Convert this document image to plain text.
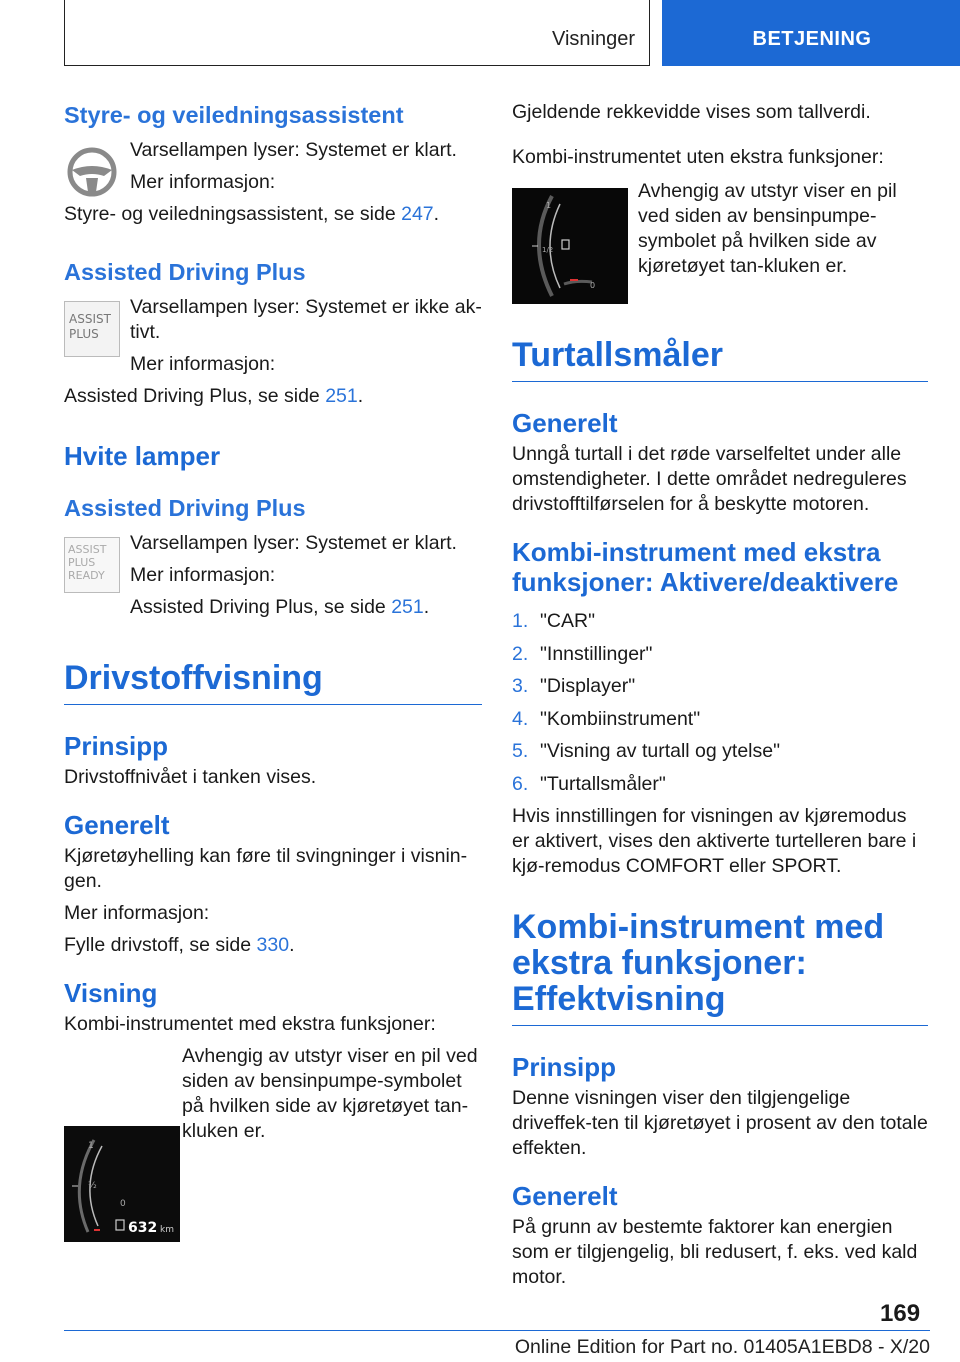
Visninger	BETJENING
Styre- og veiledningsassistent

Varsellampen lyser: Systemet er klart.

Mer informasjon:

Styre- og veiledningsassistent, se side 247.

Assisted Driving Plus
ASSIST
PLUS

Varsellampen lyser: Systemet er ikke ak-tivt.

Mer informasjon:

Assisted Driving Plus, se side 251.

Hvite lamper
Assisted Driving Plus
ASSIST
PLUS
READY

Varsellampen lyser: Systemet er klart.

Mer informasjon:

Assisted Driving Plus, se side 251.

Drivstoffvisning
Prinsipp

Drivstoffnivået i tanken vises.

Generelt

Kjøretøyhelling kan føre til svingninger i visnin-gen.

Mer informasjon:

Fylle drivstoff, se side 330.

Visning

Kombi-instrumentet med ekstra funksjoner:

Avhengig av utstyr viser en pil ved siden av bensinpumpe-symbolet på hvilken side av kjøretøyet tan-kluken er.

1
½
0
632 km

Gjeldende rekkevidde vises som tallverdi.

Kombi-instrumentet uten ekstra funksjoner:

Avhengig av utstyr viser en pil ved siden av bensinpumpe-symbolet på hvilken side av kjøretøyet tan-kluken er.

Turtallsmåler
Generelt

Unngå turtall i det røde varselfeltet under alle omstendigheter. I dette området nedreguleres drivstofftilførselen for å beskytte motoren.

Kombi-instrument med ekstra funksjoner: Aktivere/deaktivere
1. "CAR"
2. "Innstillinger"
3. "Displayer"
4. "Kombiinstrument"
5. "Visning av turtall og ytelse"
6. "Turtallsmåler"

Hvis innstillingen for visningen av kjøremodus er aktivert, vises den aktiverte turtelleren bare i kjø-remodus COMFORT eller SPORT.

Kombi-instrument med ekstra funksjoner: Effektvisning
Prinsipp

Denne visningen viser den tilgjengelige driveffek-ten til kjøretøyet i prosent av den totale effekten.

Generelt

På grunn av bestemte faktorer kan energien som er tilgjengelig, bli redusert, f. eks. ved kald motor.

1
1/2
0
169
Online Edition for Part no. 01405A1EBD8 - X/20
